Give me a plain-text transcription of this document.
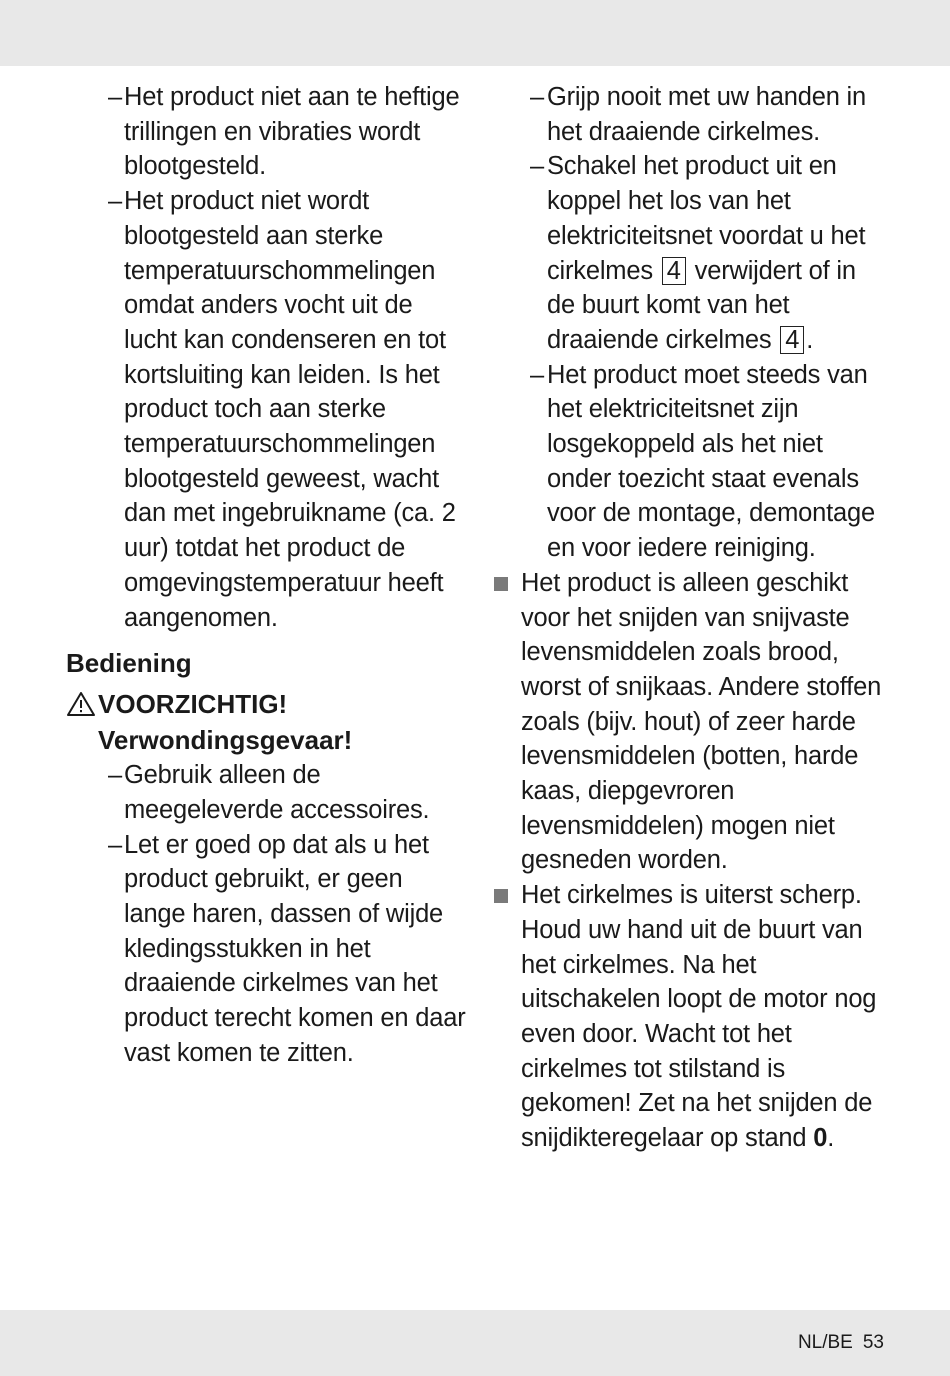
– Het product niet aan te heftige trillingen en vibraties wordt blootgesteld.
– Het product niet wordt blootgesteld aan sterke temperatuurschommelingen omdat anders vocht uit de lucht kan condenseren en tot kortsluiting kan leiden. Is het product toch aan sterke temperatuurschommelingen blootgesteld geweest, wacht dan met ingebruikname (ca. 2 uur) totdat het product de omgevingstemperatuur heeft aangenomen.
Bediening
VOORZICHTIG!
Verwondingsgevaar!
– Gebruik alleen de meegeleverde accessoires.
– Let er goed op dat als u het product gebruikt, er geen lange haren, dassen of wijde kledingsstukken in het draaiende cirkelmes van het product terecht komen en daar vast komen te zitten.
– Grijp nooit met uw handen in het draaiende cirkelmes.
– Schakel het product uit en koppel het los van het elektriciteitsnet voordat u het cirkelmes 4 verwijdert of in de buurt komt van het draaiende cirkelmes 4 .
– Het product moet steeds van het elektriciteitsnet zijn losgekoppeld als het niet onder toezicht staat evenals voor de montage, demontage en voor iedere reiniging.
Het product is alleen geschikt voor het snijden van snijvaste levensmiddelen zoals brood, worst of snijkaas. Andere stoffen zoals (bijv. hout) of zeer harde levensmiddelen (botten, harde kaas, diepgevroren levensmiddelen) mogen niet gesneden worden.
Het cirkelmes is uiterst scherp. Houd uw hand uit de buurt van het cirkelmes. Na het uitschakelen loopt de motor nog even door. Wacht tot het cirkelmes tot stilstand is gekomen! Zet na het snijden de snijdikteregelaar op stand 0.
NL/BE 53
